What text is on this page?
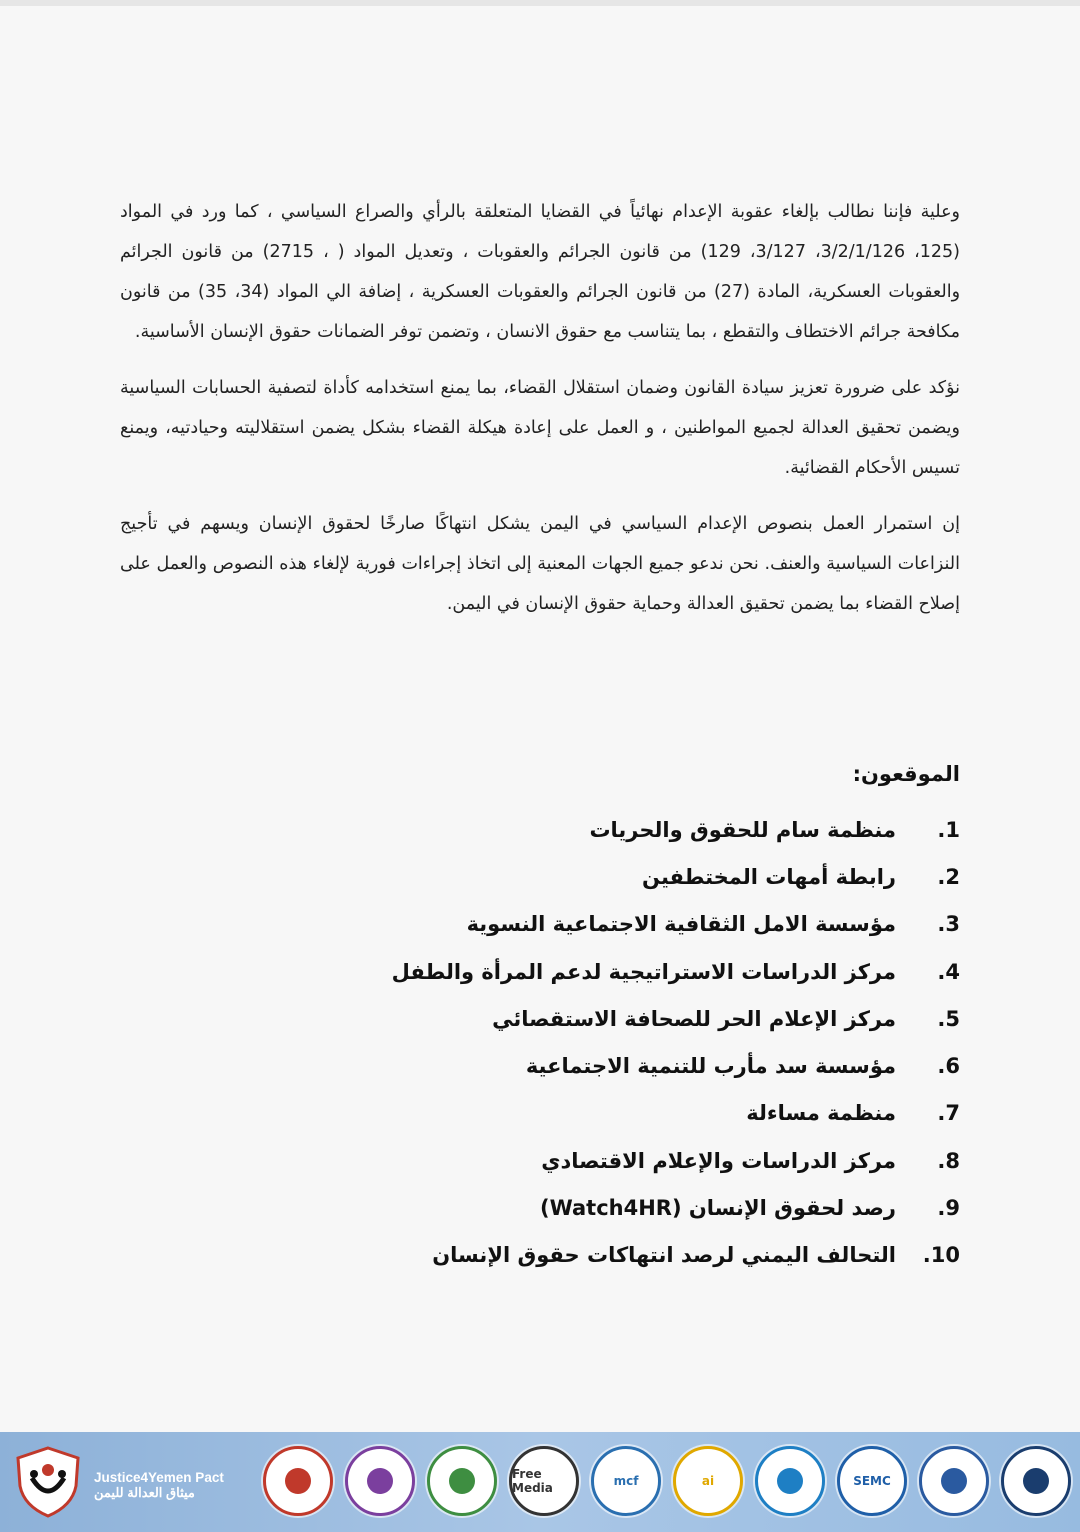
وعلية فإننا نطالب بإلغاء عقوبة الإعدام نهائياً في القضايا المتعلقة بالرأي والصراع السياسي ، كما ورد في المواد (125، 3/2/1/126، 3/127، 129) من قانون الجرائم والعقوبات ، وتعديل المواد ( ، 2715) من قانون الجرائم والعقوبات العسكرية، المادة (27) من قانون الجرائم والعقوبات العسكرية ، إضافة الي المواد (34، 35) من قانون مكافحة جرائم الاختطاف والتقطع ، بما يتناسب مع حقوق الانسان ، وتضمن توفر الضمانات حقوق الإنسان الأساسية.

نؤكد على ضرورة تعزيز سيادة القانون وضمان استقلال القضاء، بما يمنع استخدامه كأداة لتصفية الحسابات السياسية ويضمن تحقيق العدالة لجميع المواطنين ، و العمل على إعادة هيكلة القضاء بشكل يضمن استقلاليته وحيادتيه، ويمنع تسيس الأحكام القضائية.

إن استمرار العمل بنصوص الإعدام السياسي في اليمن يشكل انتهاكًا صارخًا لحقوق الإنسان ويسهم في تأجيج النزاعات السياسية والعنف. نحن ندعو جميع الجهات المعنية إلى اتخاذ إجراءات فورية لإلغاء هذه النصوص والعمل على إصلاح القضاء بما يضمن تحقيق العدالة وحماية حقوق الإنسان في اليمن.

الموقعون:
1.
منظمة سام للحقوق والحريات
2.
رابطة أمهات المختطفين
3.
مؤسسة الامل الثقافية الاجتماعية النسوية
4.
مركز الدراسات الاستراتيجية لدعم المرأة والطفل
5.
مركز الإعلام الحر للصحافة الاستقصائي
6.
مؤسسة سد مأرب للتنمية الاجتماعية
7.
منظمة مساءلة
8.
مركز الدراسات والإعلام الاقتصادي
9.
رصد لحقوق الإنسان (Watch4HR)
10.
التحالف اليمني لرصد انتهاكات حقوق الإنسان
Justice4Yemen Pact
ميثاق العدالة لليمن
Free Media	mcf	ai	SEMC
